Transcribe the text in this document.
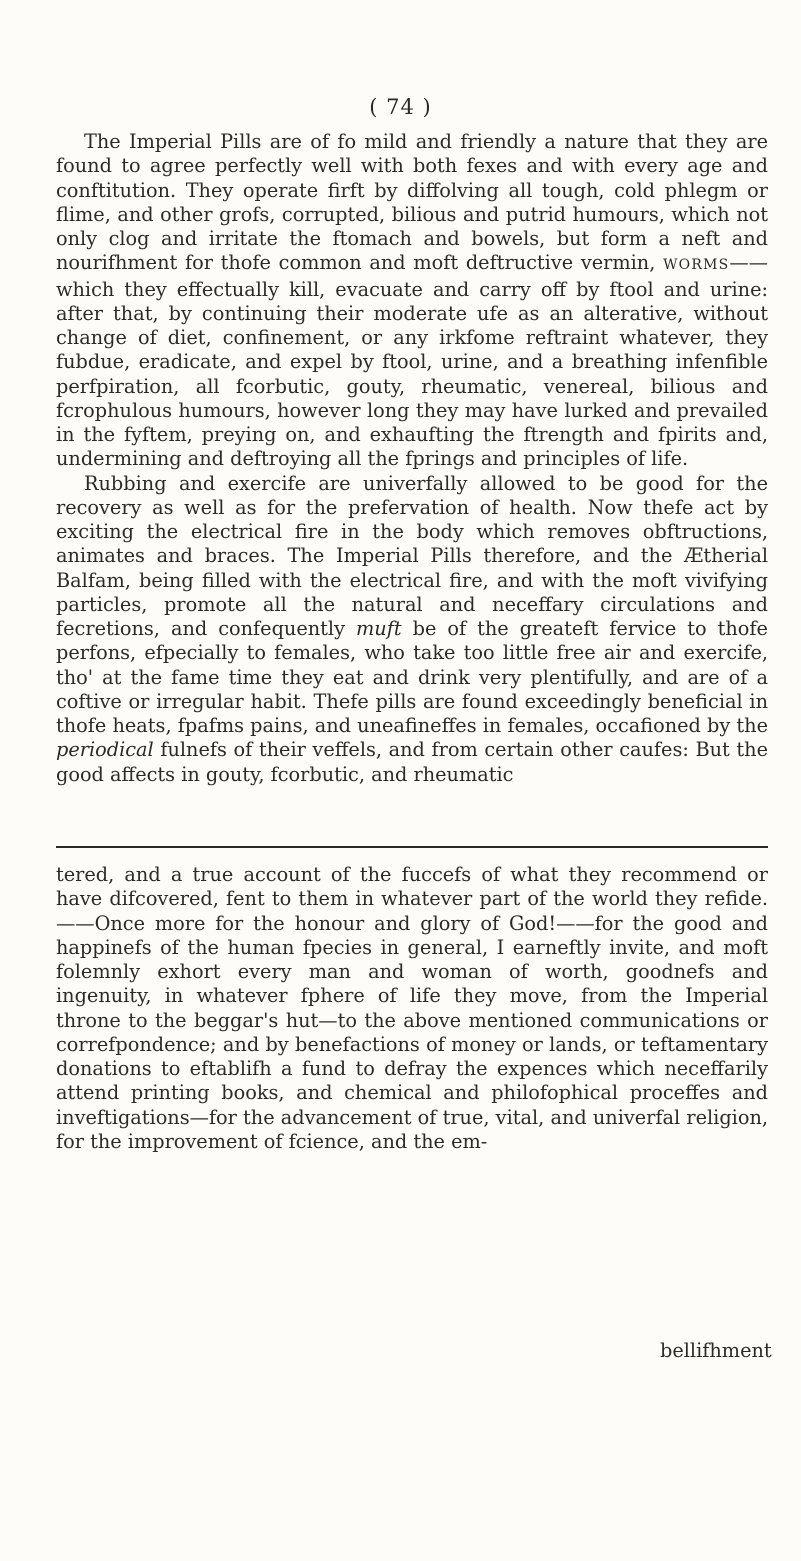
( 74 )

The Imperial Pills are of fo mild and friendly a nature that they are found to agree perfectly well with both fexes and with every age and conftitution. They operate firft by diffolving all tough, cold phlegm or flime, and other grofs, corrupted, bilious and putrid humours, which not only clog and irritate the ftomach and bowels, but form a neft and nourifhment for thofe common and moft deftructive vermin, WORMS——which they effectually kill, evacuate and carry off by ftool and urine: after that, by continuing their moderate ufe as an alterative, without change of diet, confinement, or any irkfome reftraint whatever, they fubdue, eradicate, and expel by ftool, urine, and a breathing infenfible perfpiration, all fcorbutic, gouty, rheumatic, venereal, bilious and fcrophulous humours, however long they may have lurked and prevailed in the fyftem, preying on, and exhaufting the ftrength and fpirits and, undermining and deftroying all the fprings and principles of life.

Rubbing and exercife are univerfally allowed to be good for the recovery as well as for the prefervation of health. Now thefe act by exciting the electrical fire in the body which removes obftructions, animates and braces. The Imperial Pills therefore, and the Ætherial Balfam, being filled with the electrical fire, and with the moft vivifying particles, promote all the natural and neceffary circulations and fecretions, and confequently muft be of the greateft fervice to thofe perfons, efpecially to females, who take too little free air and exercife, tho' at the fame time they eat and drink very plentifully, and are of a coftive or irregular habit. Thefe pills are found exceedingly beneficial in thofe heats, fpafms pains, and uneafineffes in females, occafioned by the periodical fulnefs of their veffels, and from certain other caufes: But the good affects in gouty, fcorbutic, and rheumatic

tered, and a true account of the fuccefs of what they recommend or have difcovered, fent to them in whatever part of the world they refide.——Once more for the honour and glory of God!——for the good and happinefs of the human fpecies in general, I earneftly invite, and moft folemnly exhort every man and woman of worth, goodnefs and ingenuity, in whatever fphere of life they move, from the Imperial throne to the beggar's hut—to the above mentioned communications or correfpondence; and by benefactions of money or lands, or teftamentary donations to eftablifh a fund to defray the expences which neceffarily attend printing books, and chemical and philofophical proceffes and inveftigations—for the advancement of true, vital, and univerfal religion, for the improvement of fcience, and the em-

bellifhment
